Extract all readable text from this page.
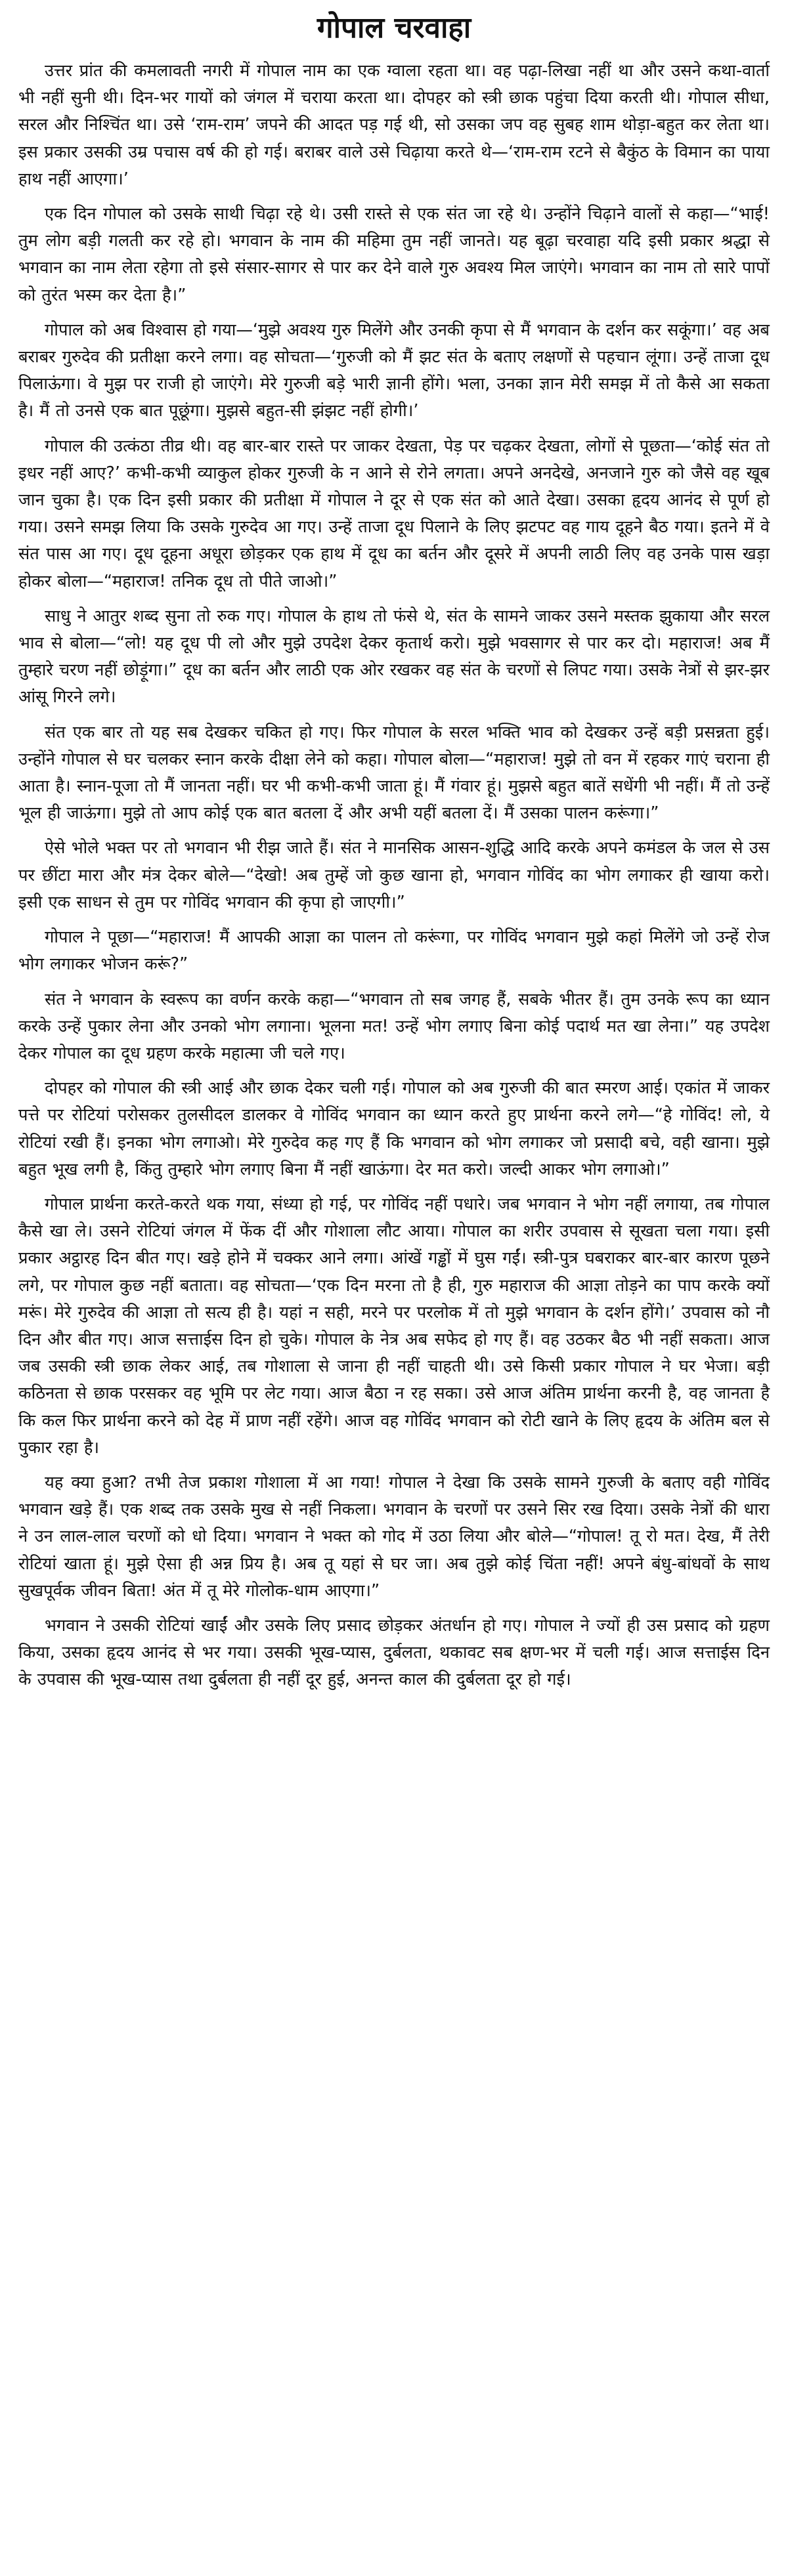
गोपाल चरवाहा

उत्तर प्रांत की कमलावती नगरी में गोपाल नाम का एक ग्वाला रहता था। वह पढ़ा-लिखा नहीं था और उसने कथा-वार्ता भी नहीं सुनी थी। दिन-भर गायों को जंगल में चराया करता था। दोपहर को स्त्री छाक पहुंचा दिया करती थी। गोपाल सीधा, सरल और निश्चिंत था। उसे ‘राम-राम’ जपने की आदत पड़ गई थी, सो उसका जप वह सुबह शाम थोड़ा-बहुत कर लेता था। इस प्रकार उसकी उम्र पचास वर्ष की हो गई। बराबर वाले उसे चिढ़ाया करते थे—‘राम-राम रटने से बैकुंठ के विमान का पाया हाथ नहीं आएगा।’

एक दिन गोपाल को उसके साथी चिढ़ा रहे थे। उसी रास्ते से एक संत जा रहे थे। उन्होंने चिढ़ाने वालों से कहा—“भाई! तुम लोग बड़ी गलती कर रहे हो। भगवान के नाम की महिमा तुम नहीं जानते। यह बूढ़ा चरवाहा यदि इसी प्रकार श्रद्धा से भगवान का नाम लेता रहेगा तो इसे संसार-सागर से पार कर देने वाले गुरु अवश्य मिल जाएंगे। भगवान का नाम तो सारे पापों को तुरंत भस्म कर देता है।”

गोपाल को अब विश्वास हो गया—‘मुझे अवश्य गुरु मिलेंगे और उनकी कृपा से मैं भगवान के दर्शन कर सकूंगा।’ वह अब बराबर गुरुदेव की प्रतीक्षा करने लगा। वह सोचता—‘गुरुजी को मैं झट संत के बताए लक्षणों से पहचान लूंगा। उन्हें ताजा दूध पिलाऊंगा। वे मुझ पर राजी हो जाएंगे। मेरे गुरुजी बड़े भारी ज्ञानी होंगे। भला, उनका ज्ञान मेरी समझ में तो कैसे आ सकता है। मैं तो उनसे एक बात पूछूंगा। मुझसे बहुत-सी झंझट नहीं होगी।’

गोपाल की उत्कंठा तीव्र थी। वह बार-बार रास्ते पर जाकर देखता, पेड़ पर चढ़कर देखता, लोगों से पूछता—‘कोई संत तो इधर नहीं आए?’ कभी-कभी व्याकुल होकर गुरुजी के न आने से रोने लगता। अपने अनदेखे, अनजाने गुरु को जैसे वह खूब जान चुका है। एक दिन इसी प्रकार की प्रतीक्षा में गोपाल ने दूर से एक संत को आते देखा। उसका हृदय आनंद से पूर्ण हो गया। उसने समझ लिया कि उसके गुरुदेव आ गए। उन्हें ताजा दूध पिलाने के लिए झटपट वह गाय दूहने बैठ गया। इतने में वे संत पास आ गए। दूध दूहना अधूरा छोड़कर एक हाथ में दूध का बर्तन और दूसरे में अपनी लाठी लिए वह उनके पास खड़ा होकर बोला—“महाराज! तनिक दूध तो पीते जाओ।”

साधु ने आतुर शब्द सुना तो रुक गए। गोपाल के हाथ तो फंसे थे, संत के सामने जाकर उसने मस्तक झुकाया और सरल भाव से बोला—“लो! यह दूध पी लो और मुझे उपदेश देकर कृतार्थ करो। मुझे भवसागर से पार कर दो। महाराज! अब मैं तुम्हारे चरण नहीं छोड़ूंगा।” दूध का बर्तन और लाठी एक ओर रखकर वह संत के चरणों से लिपट गया। उसके नेत्रों से झर-झर आंसू गिरने लगे।

संत एक बार तो यह सब देखकर चकित हो गए। फिर गोपाल के सरल भक्ति भाव को देखकर उन्हें बड़ी प्रसन्नता हुई। उन्होंने गोपाल से घर चलकर स्नान करके दीक्षा लेने को कहा। गोपाल बोला—“महाराज! मुझे तो वन में रहकर गाएं चराना ही आता है। स्नान-पूजा तो मैं जानता नहीं। घर भी कभी-कभी जाता हूं। मैं गंवार हूं। मुझसे बहुत बातें सधेंगी भी नहीं। मैं तो उन्हें भूल ही जाऊंगा। मुझे तो आप कोई एक बात बतला दें और अभी यहीं बतला दें। मैं उसका पालन करूंगा।”

ऐसे भोले भक्त पर तो भगवान भी रीझ जाते हैं। संत ने मानसिक आसन-शुद्धि आदि करके अपने कमंडल के जल से उस पर छींटा मारा और मंत्र देकर बोले—“देखो! अब तुम्हें जो कुछ खाना हो, भगवान गोविंद का भोग लगाकर ही खाया करो। इसी एक साधन से तुम पर गोविंद भगवान की कृपा हो जाएगी।”

गोपाल ने पूछा—“महाराज! मैं आपकी आज्ञा का पालन तो करूंगा, पर गोविंद भगवान मुझे कहां मिलेंगे जो उन्हें रोज भोग लगाकर भोजन करूं?”

संत ने भगवान के स्वरूप का वर्णन करके कहा—“भगवान तो सब जगह हैं, सबके भीतर हैं। तुम उनके रूप का ध्यान करके उन्हें पुकार लेना और उनको भोग लगाना। भूलना मत! उन्हें भोग लगाए बिना कोई पदार्थ मत खा लेना।” यह उपदेश देकर गोपाल का दूध ग्रहण करके महात्मा जी चले गए।

दोपहर को गोपाल की स्त्री आई और छाक देकर चली गई। गोपाल को अब गुरुजी की बात स्मरण आई। एकांत में जाकर पत्ते पर रोटियां परोसकर तुलसीदल डालकर वे गोविंद भगवान का ध्यान करते हुए प्रार्थना करने लगे—“हे गोविंद! लो, ये रोटियां रखी हैं। इनका भोग लगाओ। मेरे गुरुदेव कह गए हैं कि भगवान को भोग लगाकर जो प्रसादी बचे, वही खाना। मुझे बहुत भूख लगी है, किंतु तुम्हारे भोग लगाए बिना मैं नहीं खाऊंगा। देर मत करो। जल्दी आकर भोग लगाओ।”

गोपाल प्रार्थना करते-करते थक गया, संध्या हो गई, पर गोविंद नहीं पधारे। जब भगवान ने भोग नहीं लगाया, तब गोपाल कैसे खा ले। उसने रोटियां जंगल में फेंक दीं और गोशाला लौट आया। गोपाल का शरीर उपवास से सूखता चला गया। इसी प्रकार अट्ठारह दिन बीत गए। खड़े होने में चक्कर आने लगा। आंखें गड्ढों में घुस गईं। स्त्री-पुत्र घबराकर बार-बार कारण पूछने लगे, पर गोपाल कुछ नहीं बताता। वह सोचता—‘एक दिन मरना तो है ही, गुरु महाराज की आज्ञा तोड़ने का पाप करके क्यों मरूं। मेरे गुरुदेव की आज्ञा तो सत्य ही है। यहां न सही, मरने पर परलोक में तो मुझे भगवान के दर्शन होंगे।’ उपवास को नौ दिन और बीत गए। आज सत्ताईस दिन हो चुके। गोपाल के नेत्र अब सफेद हो गए हैं। वह उठकर बैठ भी नहीं सकता। आज जब उसकी स्त्री छाक लेकर आई, तब गोशाला से जाना ही नहीं चाहती थी। उसे किसी प्रकार गोपाल ने घर भेजा। बड़ी कठिनता से छाक परसकर वह भूमि पर लेट गया। आज बैठा न रह सका। उसे आज अंतिम प्रार्थना करनी है, वह जानता है कि कल फिर प्रार्थना करने को देह में प्राण नहीं रहेंगे। आज वह गोविंद भगवान को रोटी खाने के लिए हृदय के अंतिम बल से पुकार रहा है।

यह क्या हुआ? तभी तेज प्रकाश गोशाला में आ गया! गोपाल ने देखा कि उसके सामने गुरुजी के बताए वही गोविंद भगवान खड़े हैं। एक शब्द तक उसके मुख से नहीं निकला। भगवान के चरणों पर उसने सिर रख दिया। उसके नेत्रों की धारा ने उन लाल-लाल चरणों को धो दिया। भगवान ने भक्त को गोद में उठा लिया और बोले—“गोपाल! तू रो मत। देख, मैं तेरी रोटियां खाता हूं। मुझे ऐसा ही अन्न प्रिय है। अब तू यहां से घर जा। अब तुझे कोई चिंता नहीं! अपने बंधु-बांधवों के साथ सुखपूर्वक जीवन बिता! अंत में तू मेरे गोलोक-धाम आएगा।”

भगवान ने उसकी रोटियां खाईं और उसके लिए प्रसाद छोड़कर अंतर्धान हो गए। गोपाल ने ज्यों ही उस प्रसाद को ग्रहण किया, उसका हृदय आनंद से भर गया। उसकी भूख-प्यास, दुर्बलता, थकावट सब क्षण-भर में चली गई। आज सत्ताईस दिन के उपवास की भूख-प्यास तथा दुर्बलता ही नहीं दूर हुई, अनन्त काल की दुर्बलता दूर हो गई।
